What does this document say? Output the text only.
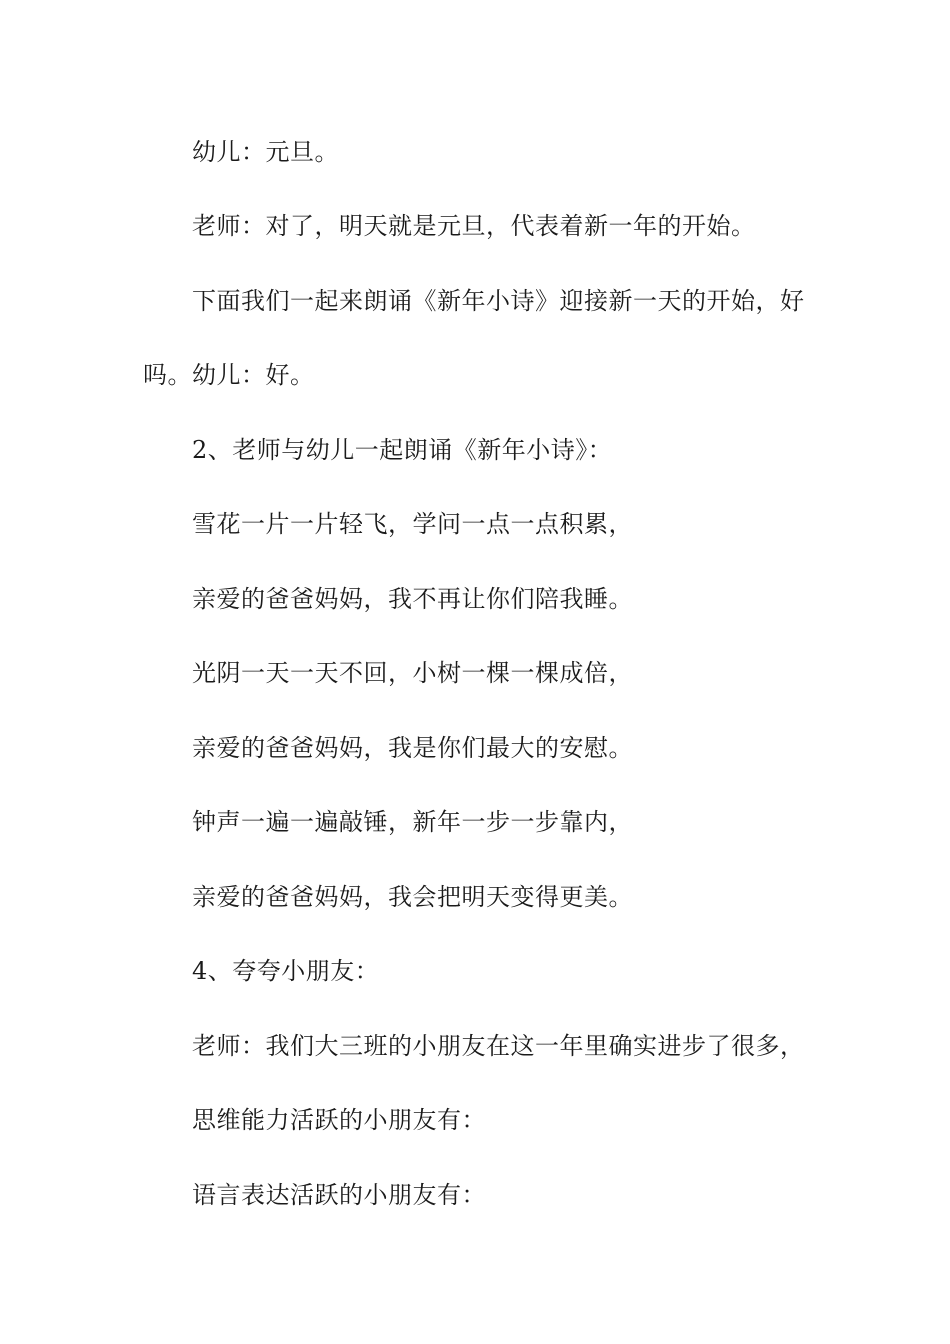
幼儿：元旦。
老师：对了，明天就是元旦，代表着新一年的开始。
下面我们一起来朗诵《新年小诗》迎接新一天的开始，好
吗。幼儿：好。
2、老师与幼儿一起朗诵《新年小诗》：
雪花一片一片轻飞，学问一点一点积累，
亲爱的爸爸妈妈，我不再让你们陪我睡。
光阴一天一天不回，小树一棵一棵成倍，
亲爱的爸爸妈妈，我是你们最大的安慰。
钟声一遍一遍敲锤，新年一步一步靠内，
亲爱的爸爸妈妈，我会把明天变得更美。
4、夸夸小朋友：
老师：我们大三班的小朋友在这一年里确实进步了很多，
思维能力活跃的小朋友有：
语言表达活跃的小朋友有：
